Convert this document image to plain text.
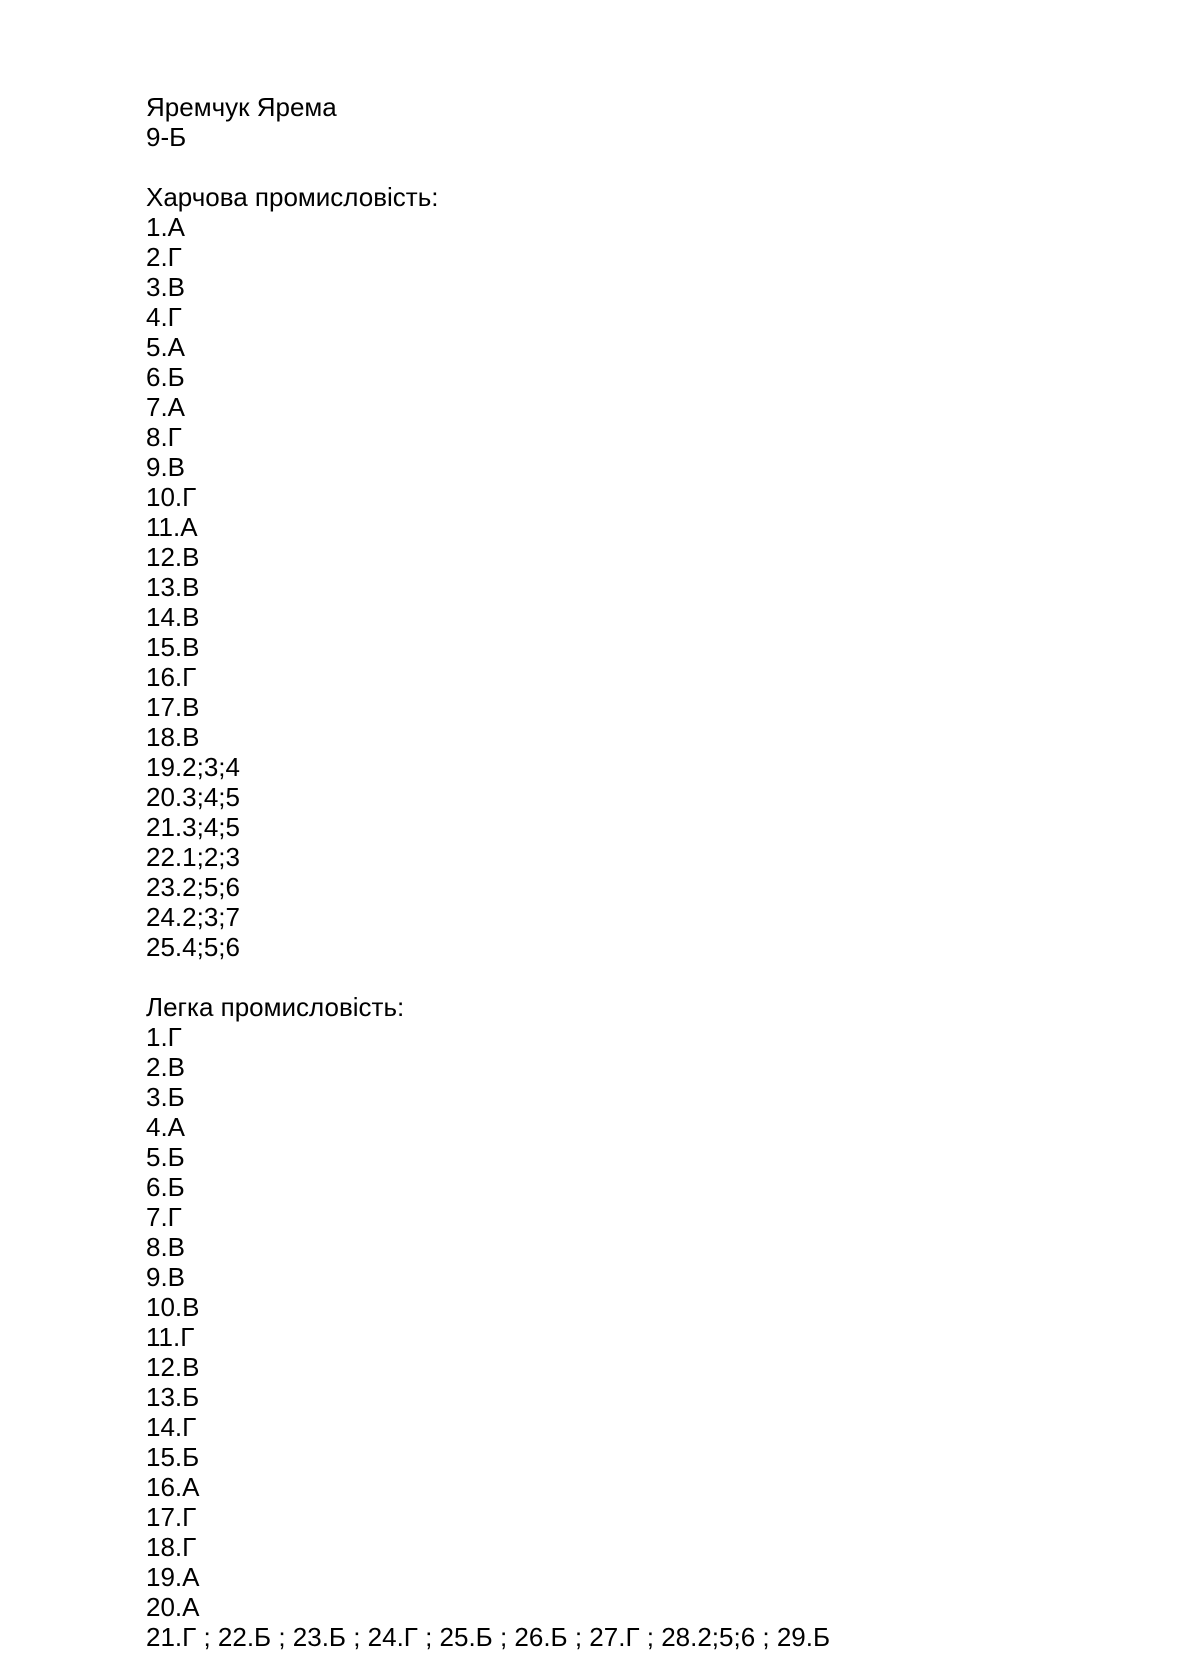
Яремчук Ярема
9-Б
Харчова промисловість:
1.А
2.Г
3.В
4.Г
5.А
6.Б
7.А
8.Г
9.В
10.Г
11.А
12.В
13.В
14.В
15.В
16.Г
17.В
18.В
19.2;3;4
20.3;4;5
21.3;4;5
22.1;2;3
23.2;5;6
24.2;3;7
25.4;5;6
Легка промисловість:
1.Г
2.В
3.Б
4.А
5.Б
6.Б
7.Г
8.В
9.В
10.В
11.Г
12.В
13.Б
14.Г
15.Б
16.А
17.Г
18.Г
19.А
20.А
21.Г ; 22.Б ; 23.Б ; 24.Г ; 25.Б ; 26.Б ; 27.Г ; 28.2;5;6 ; 29.Б
